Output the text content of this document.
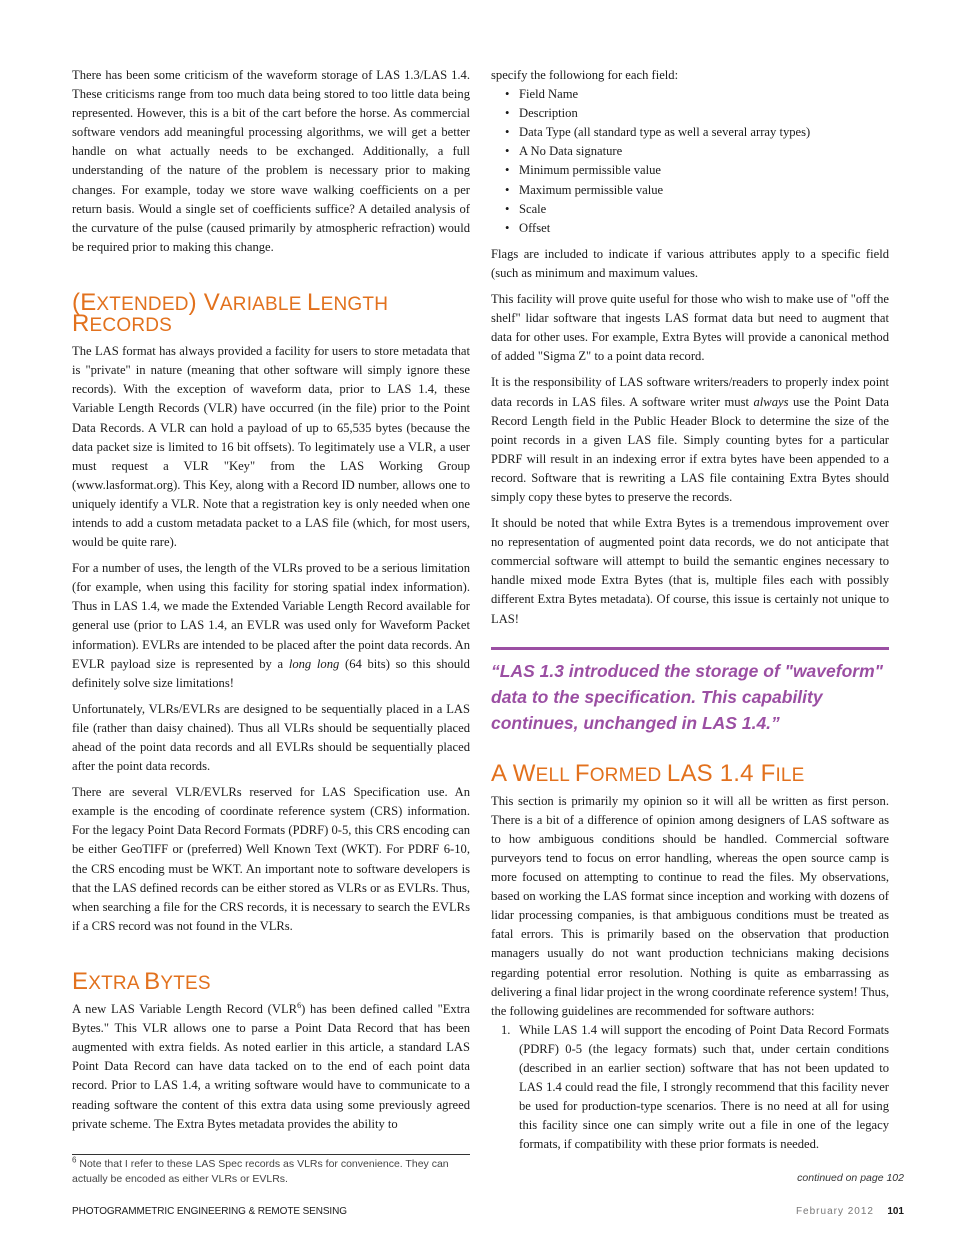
There has been some criticism of the waveform storage of LAS 1.3/LAS 1.4. These criticisms range from too much data being stored to too little data being represented. However, this is a bit of the cart before the horse. As commercial software vendors add meaningful processing algorithms, we will get a better handle on what actually needs to be exchanged. Additionally, a full understanding of the nature of the problem is necessary prior to making changes. For example, today we store wave walking coefficients on a per return basis. Would a single set of coefficients suffice? A detailed analysis of the curvature of the pulse (caused primarily by atmospheric refraction) would be required prior to making this change.

(EXTENDED) VARIABLE LENGTH RECORDS

The LAS format has always provided a facility for users to store metadata that is "private" in nature (meaning that other software will simply ignore these records). With the exception of waveform data, prior to LAS 1.4, these Variable Length Records (VLR) have occurred (in the file) prior to the Point Data Records. A VLR can hold a payload of up to 65,535 bytes (because the data packet size is limited to 16 bit offsets). To legitimately use a VLR, a user must request a VLR "Key" from the LAS Working Group (www.lasformat.org). This Key, along with a Record ID number, allows one to uniquely identify a VLR. Note that a registration key is only needed when one intends to add a custom metadata packet to a LAS file (which, for most users, would be quite rare).

For a number of uses, the length of the VLRs proved to be a serious limitation (for example, when using this facility for storing spatial index information). Thus in LAS 1.4, we made the Extended Variable Length Record available for general use (prior to LAS 1.4, an EVLR was used only for Waveform Packet information). EVLRs are intended to be placed after the point data records. An EVLR payload size is represented by a long long (64 bits) so this should definitely solve size limitations!

Unfortunately, VLRs/EVLRs are designed to be sequentially placed in a LAS file (rather than daisy chained). Thus all VLRs should be sequentially placed ahead of the point data records and all EVLRs should be sequentially placed after the point data records.

There are several VLR/EVLRs reserved for LAS Specification use. An example is the encoding of coordinate reference system (CRS) information. For the legacy Point Data Record Formats (PDRF) 0-5, this CRS encoding can be either GeoTIFF or (preferred) Well Known Text (WKT). For PDRF 6-10, the CRS encoding must be WKT. An important note to software developers is that the LAS defined records can be either stored as VLRs or as EVLRs. Thus, when searching a file for the CRS records, it is necessary to search the EVLRs if a CRS record was not found in the VLRs.

EXTRA BYTES

A new LAS Variable Length Record (VLR$^6$) has been defined called "Extra Bytes." This VLR allows one to parse a Point Data Record that has been augmented with extra fields. As noted earlier in this article, a standard LAS Point Data Record can have data tacked on to the end of each point data record. Prior to LAS 1.4, a writing software would have to communicate to a reading software the content of this extra data using some previously agreed private scheme. The Extra Bytes metadata provides the ability to

$^6$ Note that I refer to these LAS Spec records as VLRs for convenience. They can actually be encoded as either VLRs or EVLRs.

specify the followiong for each field:

• Field Name
• Description
• Data Type (all standard type as well a several array types)
• A No Data signature
• Minimum permissible value
• Maximum permissible value
• Scale
• Offset

Flags are included to indicate if various attributes apply to a specific field (such as minimum and maximum values.

This facility will prove quite useful for those who wish to make use of "off the shelf" lidar software that ingests LAS format data but need to augment that data for other uses. For example, Extra Bytes will provide a canonical method of added "Sigma Z" to a point data record.

It is the responsibility of LAS software writers/readers to properly index point data records in LAS files. A software writer must always use the Point Data Record Length field in the Public Header Block to determine the size of the point records in a given LAS file. Simply counting bytes for a particular PDRF will result in an indexing error if extra bytes have been appended to a record. Software that is rewriting a LAS file containing Extra Bytes should simply copy these bytes to preserve the records.

It should be noted that while Extra Bytes is a tremendous improvement over no representation of augmented point data records, we do not anticipate that commercial software will attempt to build the semantic engines necessary to handle mixed mode Extra Bytes (that is, multiple files each with possibly different Extra Bytes metadata). Of course, this issue is certainly not unique to LAS!

“LAS 1.3 introduced the storage of "waveform" data to the specification. This capability continues, unchanged in LAS 1.4.”
A WELL FORMED LAS 1.4 FILE

This section is primarily my opinion so it will all be written as first person. There is a bit of a difference of opinion among designers of LAS software as to how ambiguous conditions should be handled. Commercial software purveyors tend to focus on error handling, whereas the open source camp is more focused on attempting to continue to read the files. My observations, based on working the LAS format since inception and working with dozens of lidar processing companies, is that ambiguous conditions must be treated as fatal errors. This is primarily based on the observation that production managers usually do not want production technicians making decisions regarding potential error resolution. Nothing is quite as embarrassing as delivering a final lidar project in the wrong coordinate reference system! Thus, the following guidelines are recommended for software authors:

1. While LAS 1.4 will support the encoding of Point Data Record Formats (PDRF) 0-5 (the legacy formats) such that, under certain conditions (described in an earlier section) software that has not been updated to LAS 1.4 could read the file, I strongly recommend that this facility never be used for production-type scenarios. There is no need at all for using this facility since one can simply write out a file in one of the legacy formats, if compatibility with these prior formats is needed.
continued on page 102
PHOTOGRAMMETRIC ENGINEERING & REMOTE SENSING	February 2012 101
